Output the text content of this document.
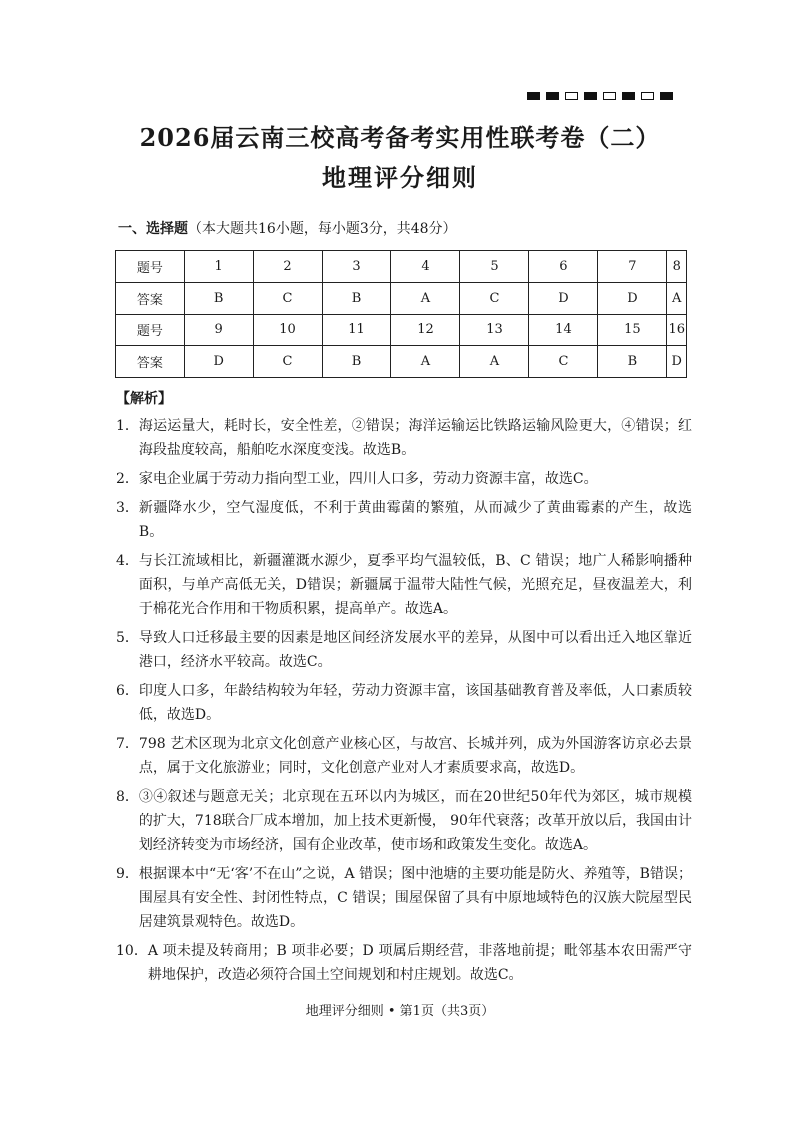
2026届云南三校高考备考实用性联考卷（二）
地理评分细则
一、选择题（本大题共16小题，每小题3分，共48分）
题号	1	2	3	4	5	6	7	8
答案	B	C	B	A	C	D	D	A
题号	9	10	11	12	13	14	15	16
答案	D	C	B	A	A	C	B	D
【解析】
1． 海运运量大，耗时长，安全性差，②错误；海洋运输运比铁路运输风险更大，④错误；红海段盐度较高，船舶吃水深度变浅。故选B。
2． 家电企业属于劳动力指向型工业，四川人口多，劳动力资源丰富，故选C。
3． 新疆降水少，空气湿度低，不利于黄曲霉菌的繁殖，从而减少了黄曲霉素的产生，故选B。
4． 与长江流域相比，新疆灌溉水源少，夏季平均气温较低，B、C 错误；地广人稀影响播种面积，与单产高低无关，D错误；新疆属于温带大陆性气候，光照充足，昼夜温差大，利于棉花光合作用和干物质积累，提高单产。故选A。
5． 导致人口迁移最主要的因素是地区间经济发展水平的差异，从图中可以看出迁入地区靠近港口，经济水平较高。故选C。
6． 印度人口多，年龄结构较为年轻，劳动力资源丰富，该国基础教育普及率低，人口素质较低，故选D。
7． 798 艺术区现为北京文化创意产业核心区，与故宫、长城并列，成为外国游客访京必去景点，属于文化旅游业；同时，文化创意产业对人才素质要求高，故选D。
8． ③④叙述与题意无关；北京现在五环以内为城区，而在20世纪50年代为郊区，城市规模的扩大，718联合厂成本增加，加上技术更新慢， 90年代衰落；改革开放以后，我国由计划经济转变为市场经济，国有企业改革，使市场和政策发生变化。故选A。
9． 根据课本中“无‘客’不在山”之说，A 错误；图中池塘的主要功能是防火、养殖等，B错误；围屋具有安全性、封闭性特点，C 错误；围屋保留了具有中原地域特色的汉族大院屋型民居建筑景观特色。故选D。
10． A 项未提及转商用；B 项非必要；D 项属后期经营，非落地前提；毗邻基本农田需严守耕地保护，改造必须符合国土空间规划和村庄规划。故选C。
地理评分细则 • 第1页（共3页）
